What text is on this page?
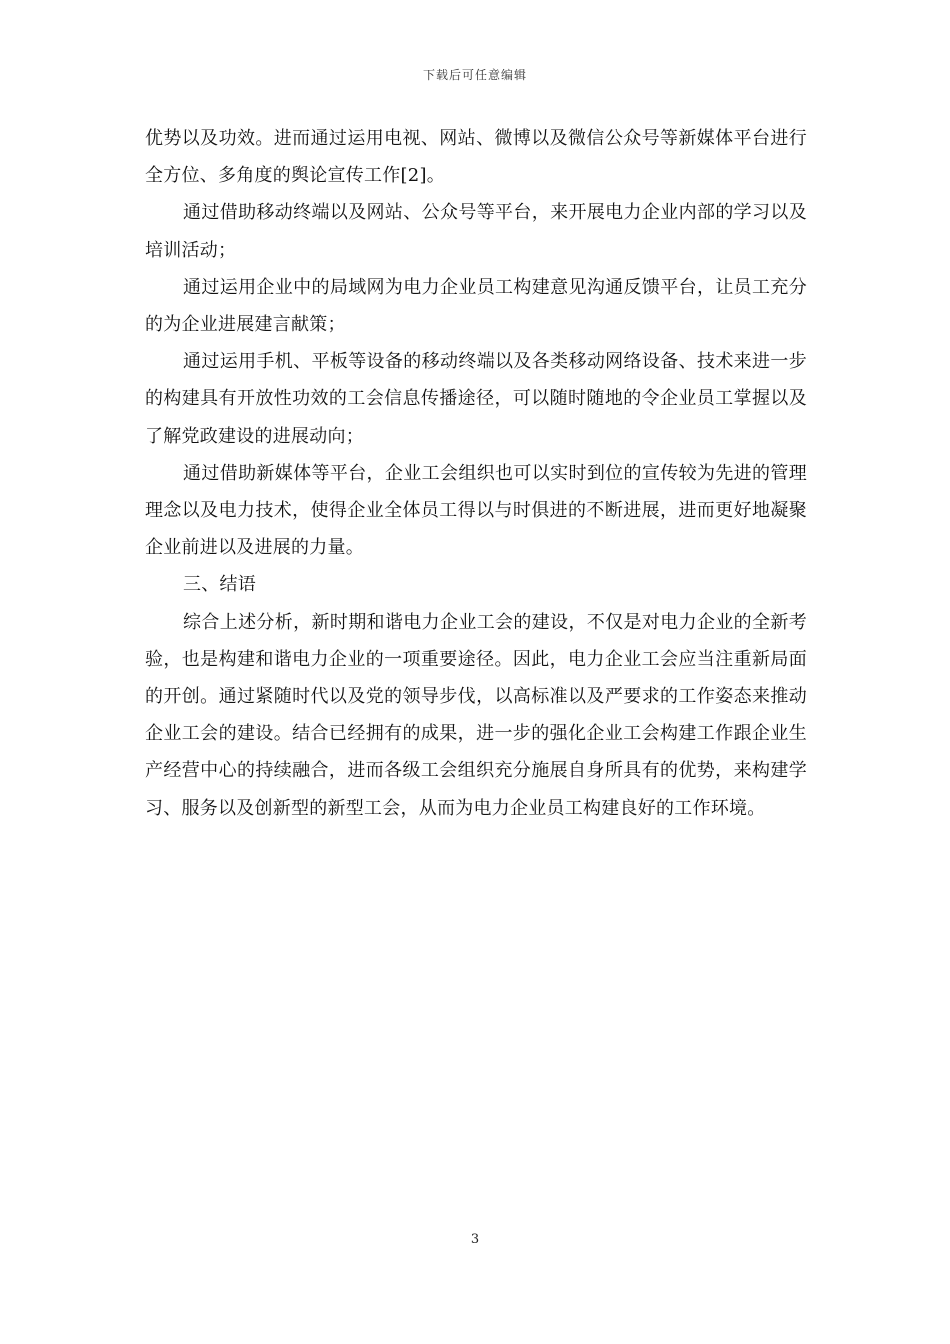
下载后可任意编辑

优势以及功效。进而通过运用电视、网站、微博以及微信公众号等新媒体平台进行全方位、多角度的舆论宣传工作[2]。

通过借助移动终端以及网站、公众号等平台，来开展电力企业内部的学习以及培训活动；

通过运用企业中的局域网为电力企业员工构建意见沟通反馈平台，让员工充分的为企业进展建言献策；

通过运用手机、平板等设备的移动终端以及各类移动网络设备、技术来进一步的构建具有开放性功效的工会信息传播途径，可以随时随地的令企业员工掌握以及了解党政建设的进展动向；

通过借助新媒体等平台，企业工会组织也可以实时到位的宣传较为先进的管理理念以及电力技术，使得企业全体员工得以与时俱进的不断进展，进而更好地凝聚企业前进以及进展的力量。

三、结语

综合上述分析，新时期和谐电力企业工会的建设，不仅是对电力企业的全新考验，也是构建和谐电力企业的一项重要途径。因此，电力企业工会应当注重新局面的开创。通过紧随时代以及党的领导步伐，以高标准以及严要求的工作姿态来推动企业工会的建设。结合已经拥有的成果，进一步的强化企业工会构建工作跟企业生产经营中心的持续融合，进而各级工会组织充分施展自身所具有的优势，来构建学习、服务以及创新型的新型工会，从而为电力企业员工构建良好的工作环境。

3
